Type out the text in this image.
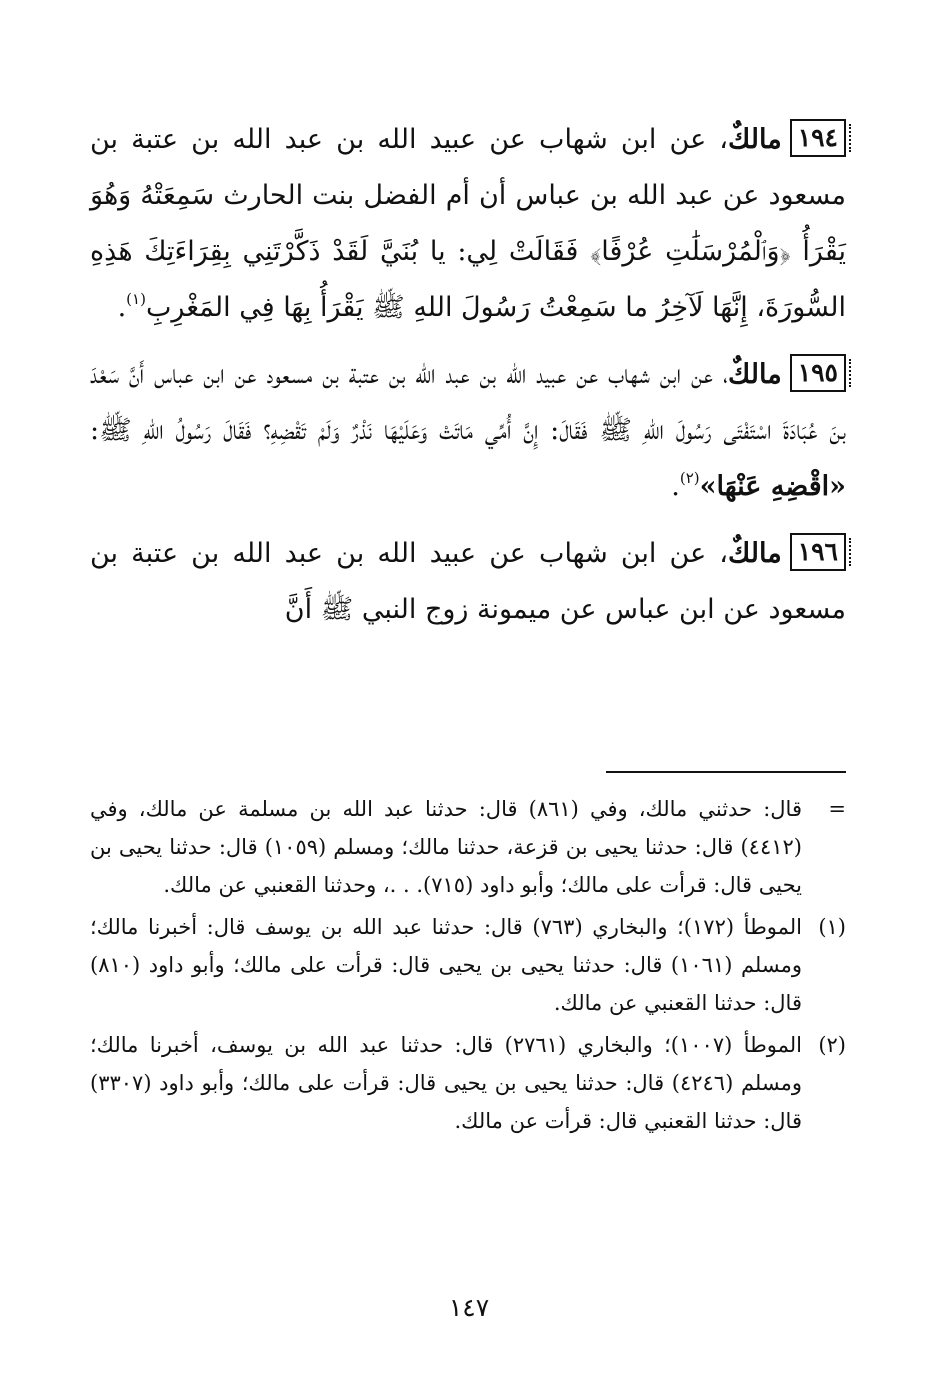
١٩٤مالكٌ، عن ابن شهاب عن عبيد الله بن عبد الله بن عتبة بن مسعود عن عبد الله بن عباس أن أم الفضل بنت الحارث سَمِعَتْهُ وَهُوَ يَقْرَأُ ﴿وَٱلْمُرْسَلَٰتِ عُرْفًا﴾ فَقَالَتْ لِي: يا بُنَيَّ لَقَدْ ذَكَّرْتَنِي بِقِرَاءَتِكَ هَذِهِ السُّورَةَ، إِنَّهَا لَآخِرُ ما سَمِعْتُ رَسُولَ اللهِ ﷺ يَقْرَأُ بِهَا فِي المَغْرِبِ$^{(١)}$.

١٩٥مالكٌ، عن ابن شهاب عن عبيد الله بن عبد الله بن عتبة بن مسعود عن ابن عباس أَنَّ سَعْدَ بنَ عُبَادَةَ اسْتَفْتَى رَسُولَ اللهِ ﷺ فَقَالَ: إِنَّ أُمِّي مَاتَتْ وَعَلَيْهَا نَذْرٌ وَلَمْ تَقْضِهِ؟ فَقَالَ رَسُولُ اللهِ ﷺ: «اقْضِهِ عَنْهَا»$^{(٢)}$.

١٩٦مالكٌ، عن ابن شهاب عن عبيد الله بن عبد الله بن عتبة بن مسعود عن ابن عباس عن ميمونة زوج النبي ﷺ أَنَّ

=
قال: حدثني مالك، وفي (٨٦١) قال: حدثنا عبد الله بن مسلمة عن مالك، وفي (٤٤١٢) قال: حدثنا يحيى بن قزعة، حدثنا مالك؛ ومسلم (١٠٥٩) قال: حدثنا يحيى بن يحيى قال: قرأت على مالك؛ وأبو داود (٧١٥). . .، وحدثنا القعنبي عن مالك.
(١)
الموطأ (١٧٢)؛ والبخاري (٧٦٣) قال: حدثنا عبد الله بن يوسف قال: أخبرنا مالك؛ ومسلم (١٠٦١) قال: حدثنا يحيى بن يحيى قال: قرأت على مالك؛ وأبو داود (٨١٠) قال: حدثنا القعنبي عن مالك.
(٢)
الموطأ (١٠٠٧)؛ والبخاري (٢٧٦١) قال: حدثنا عبد الله بن يوسف، أخبرنا مالك؛ ومسلم (٤٢٤٦) قال: حدثنا يحيى بن يحيى قال: قرأت على مالك؛ وأبو داود (٣٣٠٧) قال: حدثنا القعنبي قال: قرأت عن مالك.
١٤٧
